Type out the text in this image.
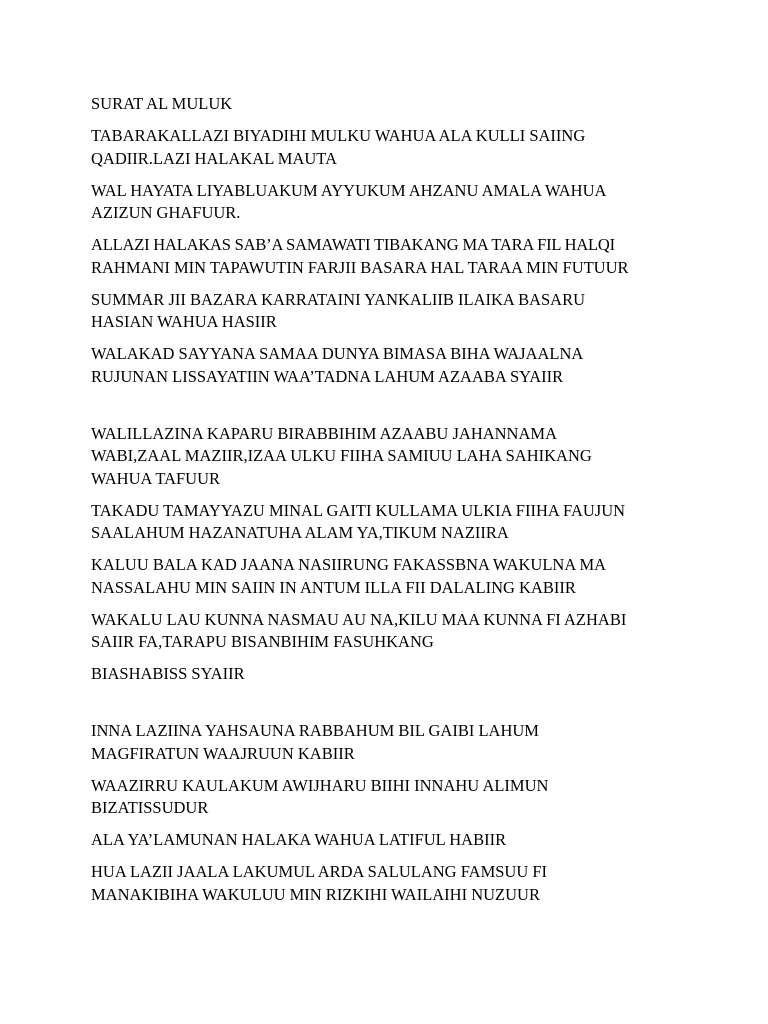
SURAT AL MULUK
TABARAKALLAZI BIYADIHI MULKU WAHUA ALA KULLI SAIING
QADIIR.LAZI HALAKAL MAUTA
WAL HAYATA LIYABLUAKUM AYYUKUM AHZANU AMALA WAHUA
AZIZUN GHAFUUR.
ALLAZI HALAKAS SAB’A SAMAWATI TIBAKANG MA TARA FIL HALQI
RAHMANI MIN TAPAWUTIN FARJII BASARA HAL TARAA MIN FUTUUR
SUMMAR JII BAZARA KARRATAINI YANKALIIB ILAIKA BASARU
HASIAN WAHUA HASIIR
WALAKAD SAYYANA SAMAA DUNYA BIMASA BIHA WAJAALNA
RUJUNAN LISSAYATIIN WAA’TADNA LAHUM AZAABA SYAIIR
WALILLAZINA KAPARU BIRABBIHIM AZAABU JAHANNAMA
WABI,ZAAL MAZIIR,IZAA ULKU FIIHA SAMIUU LAHA SAHIKANG
WAHUA TAFUUR
TAKADU TAMAYYAZU MINAL GAITI KULLAMA ULKIA FIIHA FAUJUN
SAALAHUM HAZANATUHA ALAM YA,TIKUM NAZIIRA
KALUU BALA KAD JAANA NASIIRUNG FAKASSBNA WAKULNA MA
NASSALAHU MIN SAIIN IN ANTUM ILLA FII DALALING KABIIR
WAKALU LAU KUNNA NASMAU AU NA,KILU MAA KUNNA FI AZHABI
SAIIR FA,TARAPU BISANBIHIM FASUHKANG
BIASHABISS SYAIIR
INNA LAZIINA YAHSAUNA RABBAHUM BIL GAIBI LAHUM
MAGFIRATUN WAAJRUUN KABIIR
WAAZIRRU KAULAKUM AWIJHARU BIIHI INNAHU ALIMUN
BIZATISSUDUR
ALA YA’LAMUNAN HALAKA WAHUA LATIFUL HABIIR
HUA LAZII JAALA LAKUMUL ARDA SALULANG FAMSUU FI
MANAKIBIHA WAKULUU MIN RIZKIHI WAILAIHI NUZUUR
